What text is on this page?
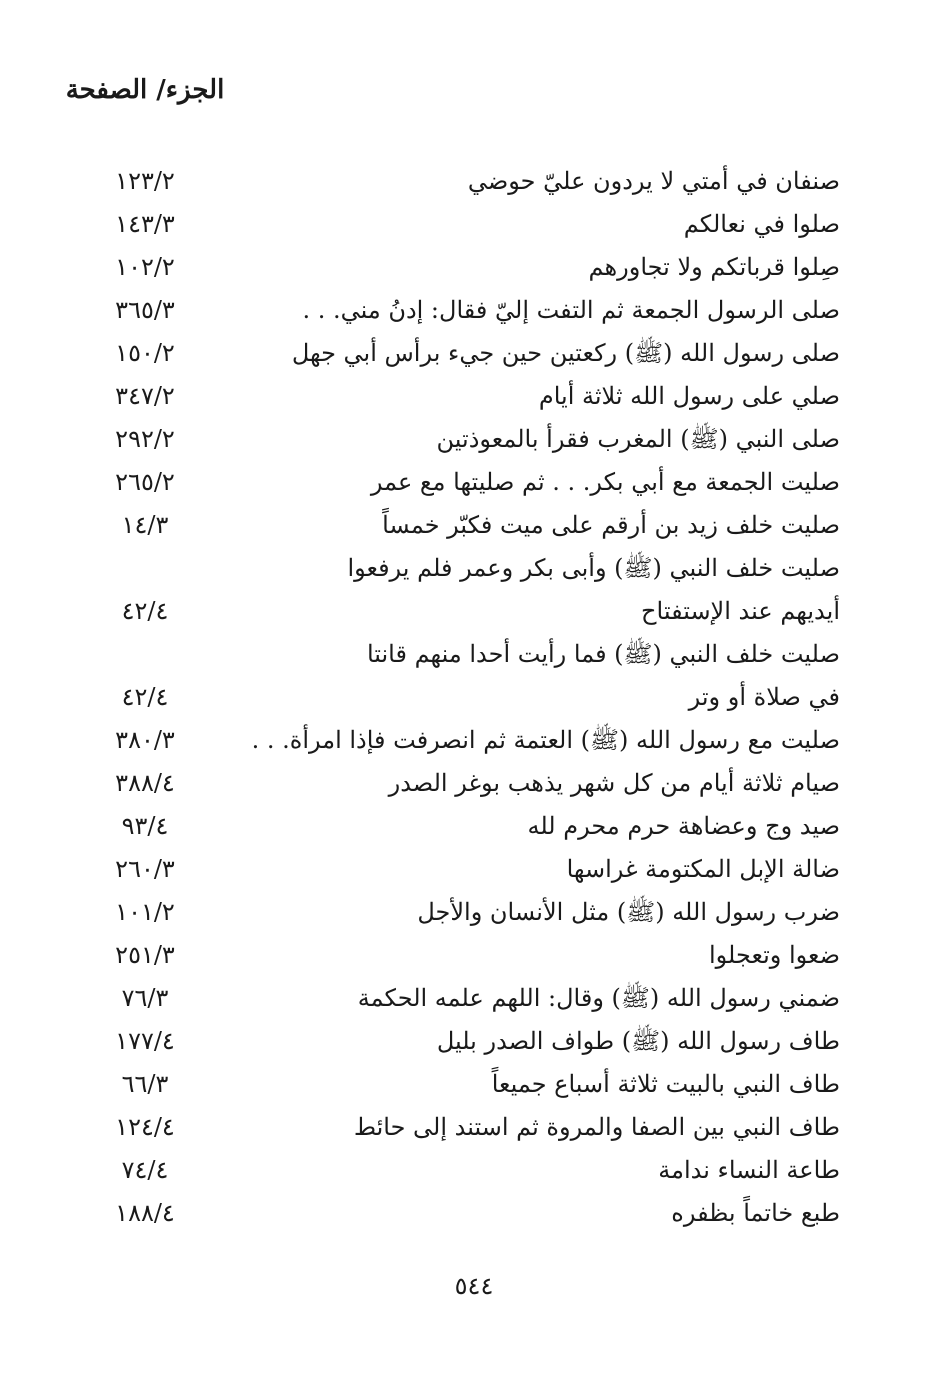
الجزء/ الصفحة
صنفان في أمتي لا يردون عليّ حوضي
١٢٣/٢
صلوا في نعالكم
١٤٣/٣
صِلوا قرباتكم ولا تجاورهم
١٠٢/٢
صلى الرسول الجمعة ثم التفت إليّ فقال: إدنُ مني. . .
٣٦٥/٣
صلى رسول الله (ﷺ) ركعتين حين جيء برأس أبي جهل
١٥٠/٢
صلي على رسول الله ثلاثة أيام
٣٤٧/٢
صلى النبي (ﷺ) المغرب فقرأ بالمعوذتين
٢٩٢/٢
صليت الجمعة مع أبي بكر. . . ثم صليتها مع عمر
٢٦٥/٢
صليت خلف زيد بن أرقم على ميت فكبّر خمساً
١٤/٣
صليت خلف النبي (ﷺ) وأبى بكر وعمر فلم يرفعوا
أيديهم عند الإستفتاح
٤٢/٤
صليت خلف النبي (ﷺ) فما رأيت أحدا منهم قانتا
في صلاة أو وتر
٤٢/٤
صليت مع رسول الله (ﷺ) العتمة ثم انصرفت فإذا امرأة. . .
٣٨٠/٣
صيام ثلاثة أيام من كل شهر يذهب بوغر الصدر
٣٨٨/٤
صيد وج وعضاهة حرم محرم لله
٩٣/٤
ضالة الإبل المكتومة غراسها
٢٦٠/٣
ضرب رسول الله (ﷺ) مثل الأنسان والأجل
١٠١/٢
ضعوا وتعجلوا
٢٥١/٣
ضمني رسول الله (ﷺ) وقال: اللهم علمه الحكمة
٧٦/٣
طاف رسول الله (ﷺ) طواف الصدر بليل
١٧٧/٤
طاف النبي بالبيت ثلاثة أسباع جميعاً
٦٦/٣
طاف النبي بين الصفا والمروة ثم استند إلى حائط
١٢٤/٤
طاعة النساء ندامة
٧٤/٤
طبع خاتماً بظفره
١٨٨/٤
٥٤٤
